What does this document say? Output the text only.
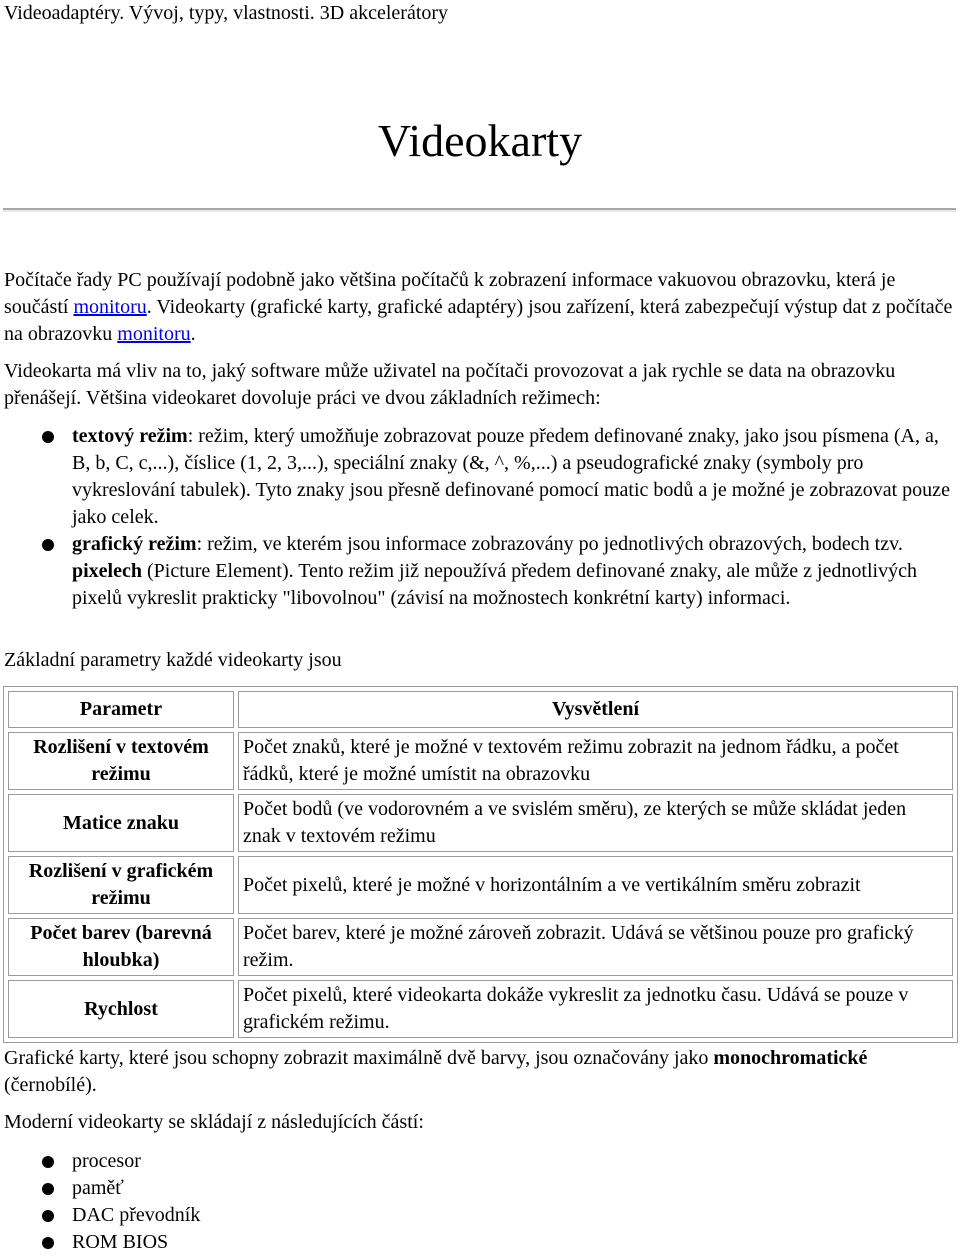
Videoadaptéry. Vývoj, typy, vlastnosti. 3D akcelerátory
Videokarty

Počítače řady PC používají podobně jako většina počítačů k zobrazení informace vakuovou obrazovku, která je součástí monitoru. Videokarty (grafické karty, grafické adaptéry) jsou zařízení, která zabezpečují výstup dat z počítače na obrazovku monitoru.

Videokarta má vliv na to, jaký software může uživatel na počítači provozovat a jak rychle se data na obrazovku přenášejí. Většina videokaret dovoluje práci ve dvou základních režimech:

textový režim: režim, který umožňuje zobrazovat pouze předem definované znaky, jako jsou písmena (A, a, B, b, C, c,...), číslice (1, 2, 3,...), speciální znaky (&, ^, %,...) a pseudografické znaky (symboly pro vykreslování tabulek). Tyto znaky jsou přesně definované pomocí matic bodů a je možné je zobrazovat pouze jako celek.
grafický režim: režim, ve kterém jsou informace zobrazovány po jednotlivých obrazových, bodech tzv. pixelech (Picture Element). Tento režim již nepoužívá předem definované znaky, ale může z jednotlivých pixelů vykreslit prakticky "libovolnou" (závisí na možnostech konkrétní karty) informaci.

Základní parametry každé videokarty jsou

Parametr	Vysvětlení
Rozlišení v textovém režimu	Počet znaků, které je možné v textovém režimu zobrazit na jednom řádku, a počet řádků, které je možné umístit na obrazovku
Matice znaku	Počet bodů (ve vodorovném a ve svislém směru), ze kterých se může skládat jeden znak v textovém režimu
Rozlišení v grafickém režimu	Počet pixelů, které je možné v horizontálním a ve vertikálním směru zobrazit
Počet barev (barevná hloubka)	Počet barev, které je možné zároveň zobrazit. Udává se většinou pouze pro grafický režim.
Rychlost	Počet pixelů, které videokarta dokáže vykreslit za jednotku času. Udává se pouze v grafickém režimu.

Grafické karty, které jsou schopny zobrazit maximálně dvě barvy, jsou označovány jako monochromatické (černobílé).

Moderní videokarty se skládají z následujících částí:

procesor
paměť
DAC převodník
ROM BIOS
